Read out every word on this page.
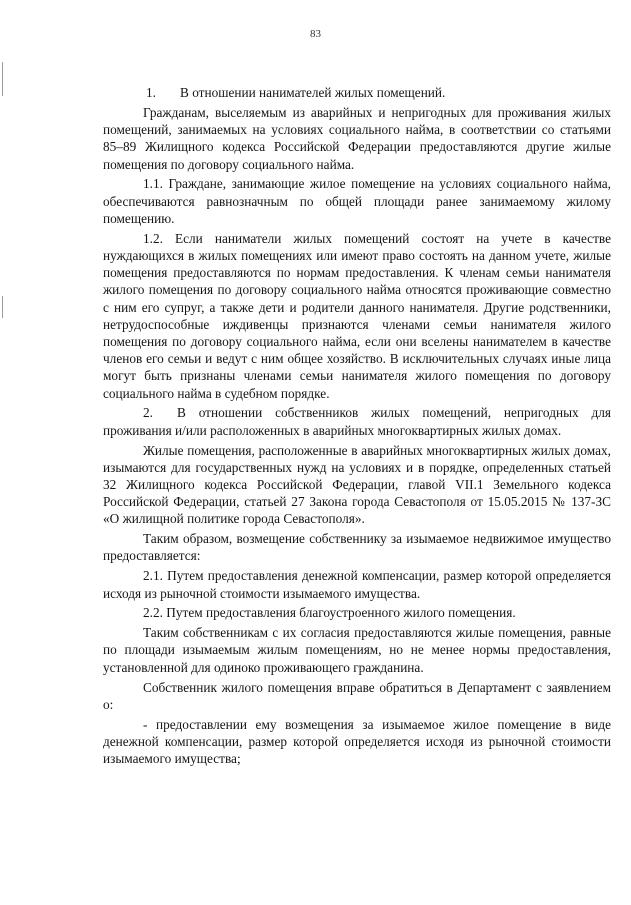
83

1. В отношении нанимателей жилых помещений.

Гражданам, выселяемым из аварийных и непригодных для проживания жилых помещений, занимаемых на условиях социального найма, в соответствии со статьями 85–89 Жилищного кодекса Российской Федерации предоставляются другие жилые помещения по договору социального найма.

1.1. Граждане, занимающие жилое помещение на условиях социального найма, обеспечиваются равнозначным по общей площади ранее занимаемому жилому помещению.

1.2. Если наниматели жилых помещений состоят на учете в качестве нуждающихся в жилых помещениях или имеют право состоять на данном учете, жилые помещения предоставляются по нормам предоставления. К членам семьи нанимателя жилого помещения по договору социального найма относятся проживающие совместно с ним его супруг, а также дети и родители данного нанимателя. Другие родственники, нетрудоспособные иждивенцы признаются членами семьи нанимателя жилого помещения по договору социального найма, если они вселены нанимателем в качестве членов его семьи и ведут с ним общее хозяйство. В исключительных случаях иные лица могут быть признаны членами семьи нанимателя жилого помещения по договору социального найма в судебном порядке.

2. В отношении собственников жилых помещений, непригодных для проживания и/или расположенных в аварийных многоквартирных жилых домах.

Жилые помещения, расположенные в аварийных многоквартирных жилых домах, изымаются для государственных нужд на условиях и в порядке, определенных статьей 32 Жилищного кодекса Российской Федерации, главой VII.1 Земельного кодекса Российской Федерации, статьей 27 Закона города Севастополя от 15.05.2015 № 137-ЗС «О жилищной политике города Севастополя».

Таким образом, возмещение собственнику за изымаемое недвижимое имущество предоставляется:

2.1. Путем предоставления денежной компенсации, размер которой определяется исходя из рыночной стоимости изымаемого имущества.

2.2. Путем предоставления благоустроенного жилого помещения.

Таким собственникам с их согласия предоставляются жилые помещения, равные по площади изымаемым жилым помещениям, но не менее нормы предоставления, установленной для одиноко проживающего гражданина.

Собственник жилого помещения вправе обратиться в Департамент с заявлением о:

- предоставлении ему возмещения за изымаемое жилое помещение в виде денежной компенсации, размер которой определяется исходя из рыночной стоимости изымаемого имущества;
